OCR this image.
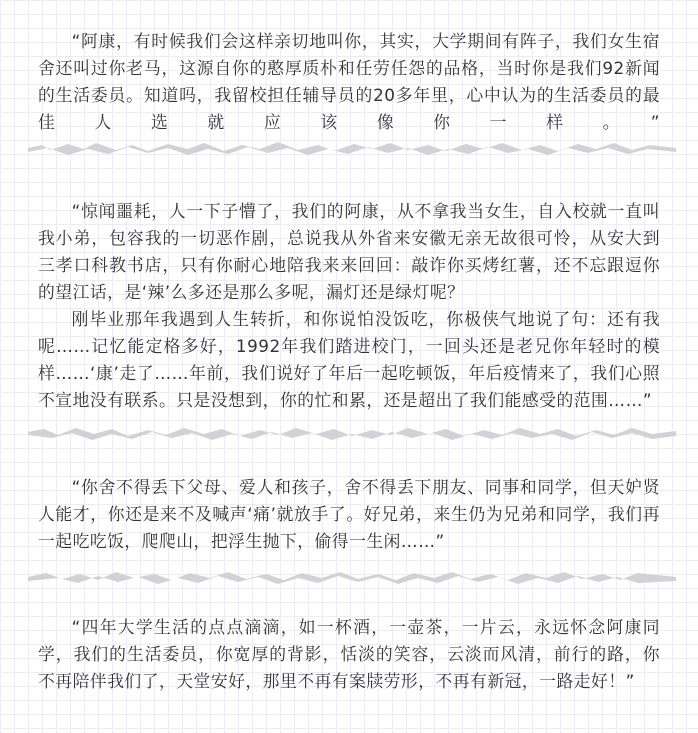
“阿康，有时候我们会这样亲切地叫你，其实，大学期间有阵子，我们女生宿舍还叫过你老马，这源自你的憨厚质朴和任劳任怨的品格，当时你是我们92新闻的生活委员。知道吗，我留校担任辅导员的20多年里，心中认为的生活委员的最佳人选就应该像你一样。”

“惊闻噩耗，人一下子懵了，我们的阿康，从不拿我当女生，自入校就一直叫我小弟，包容我的一切恶作剧，总说我从外省来安徽无亲无故很可怜，从安大到三孝口科教书店，只有你耐心地陪我来来回回：敲诈你买烤红薯，还不忘跟逗你的望江话，是‘辣’么多还是那么多呢，漏灯还是绿灯呢？

刚毕业那年我遇到人生转折，和你说怕没饭吃，你极侠气地说了句：还有我呢……记忆能定格多好，1992年我们踏进校门，一回头还是老兄你年轻时的模样……‘康’走了……年前，我们说好了年后一起吃顿饭，年后疫情来了，我们心照不宣地没有联系。只是没想到，你的忙和累，还是超出了我们能感受的范围……”

“你舍不得丢下父母、爱人和孩子，舍不得丢下朋友、同事和同学，但天妒贤人能才，你还是来不及喊声‘痛’就放手了。好兄弟，来生仍为兄弟和同学，我们再一起吃吃饭，爬爬山，把浮生抛下，偷得一生闲……”

“四年大学生活的点点滴滴，如一杯酒，一壶茶，一片云，永远怀念阿康同学，我们的生活委员，你宽厚的背影，恬淡的笑容，云淡而风清，前行的路，你不再陪伴我们了，天堂安好，那里不再有案牍劳形，不再有新冠，一路走好！”
